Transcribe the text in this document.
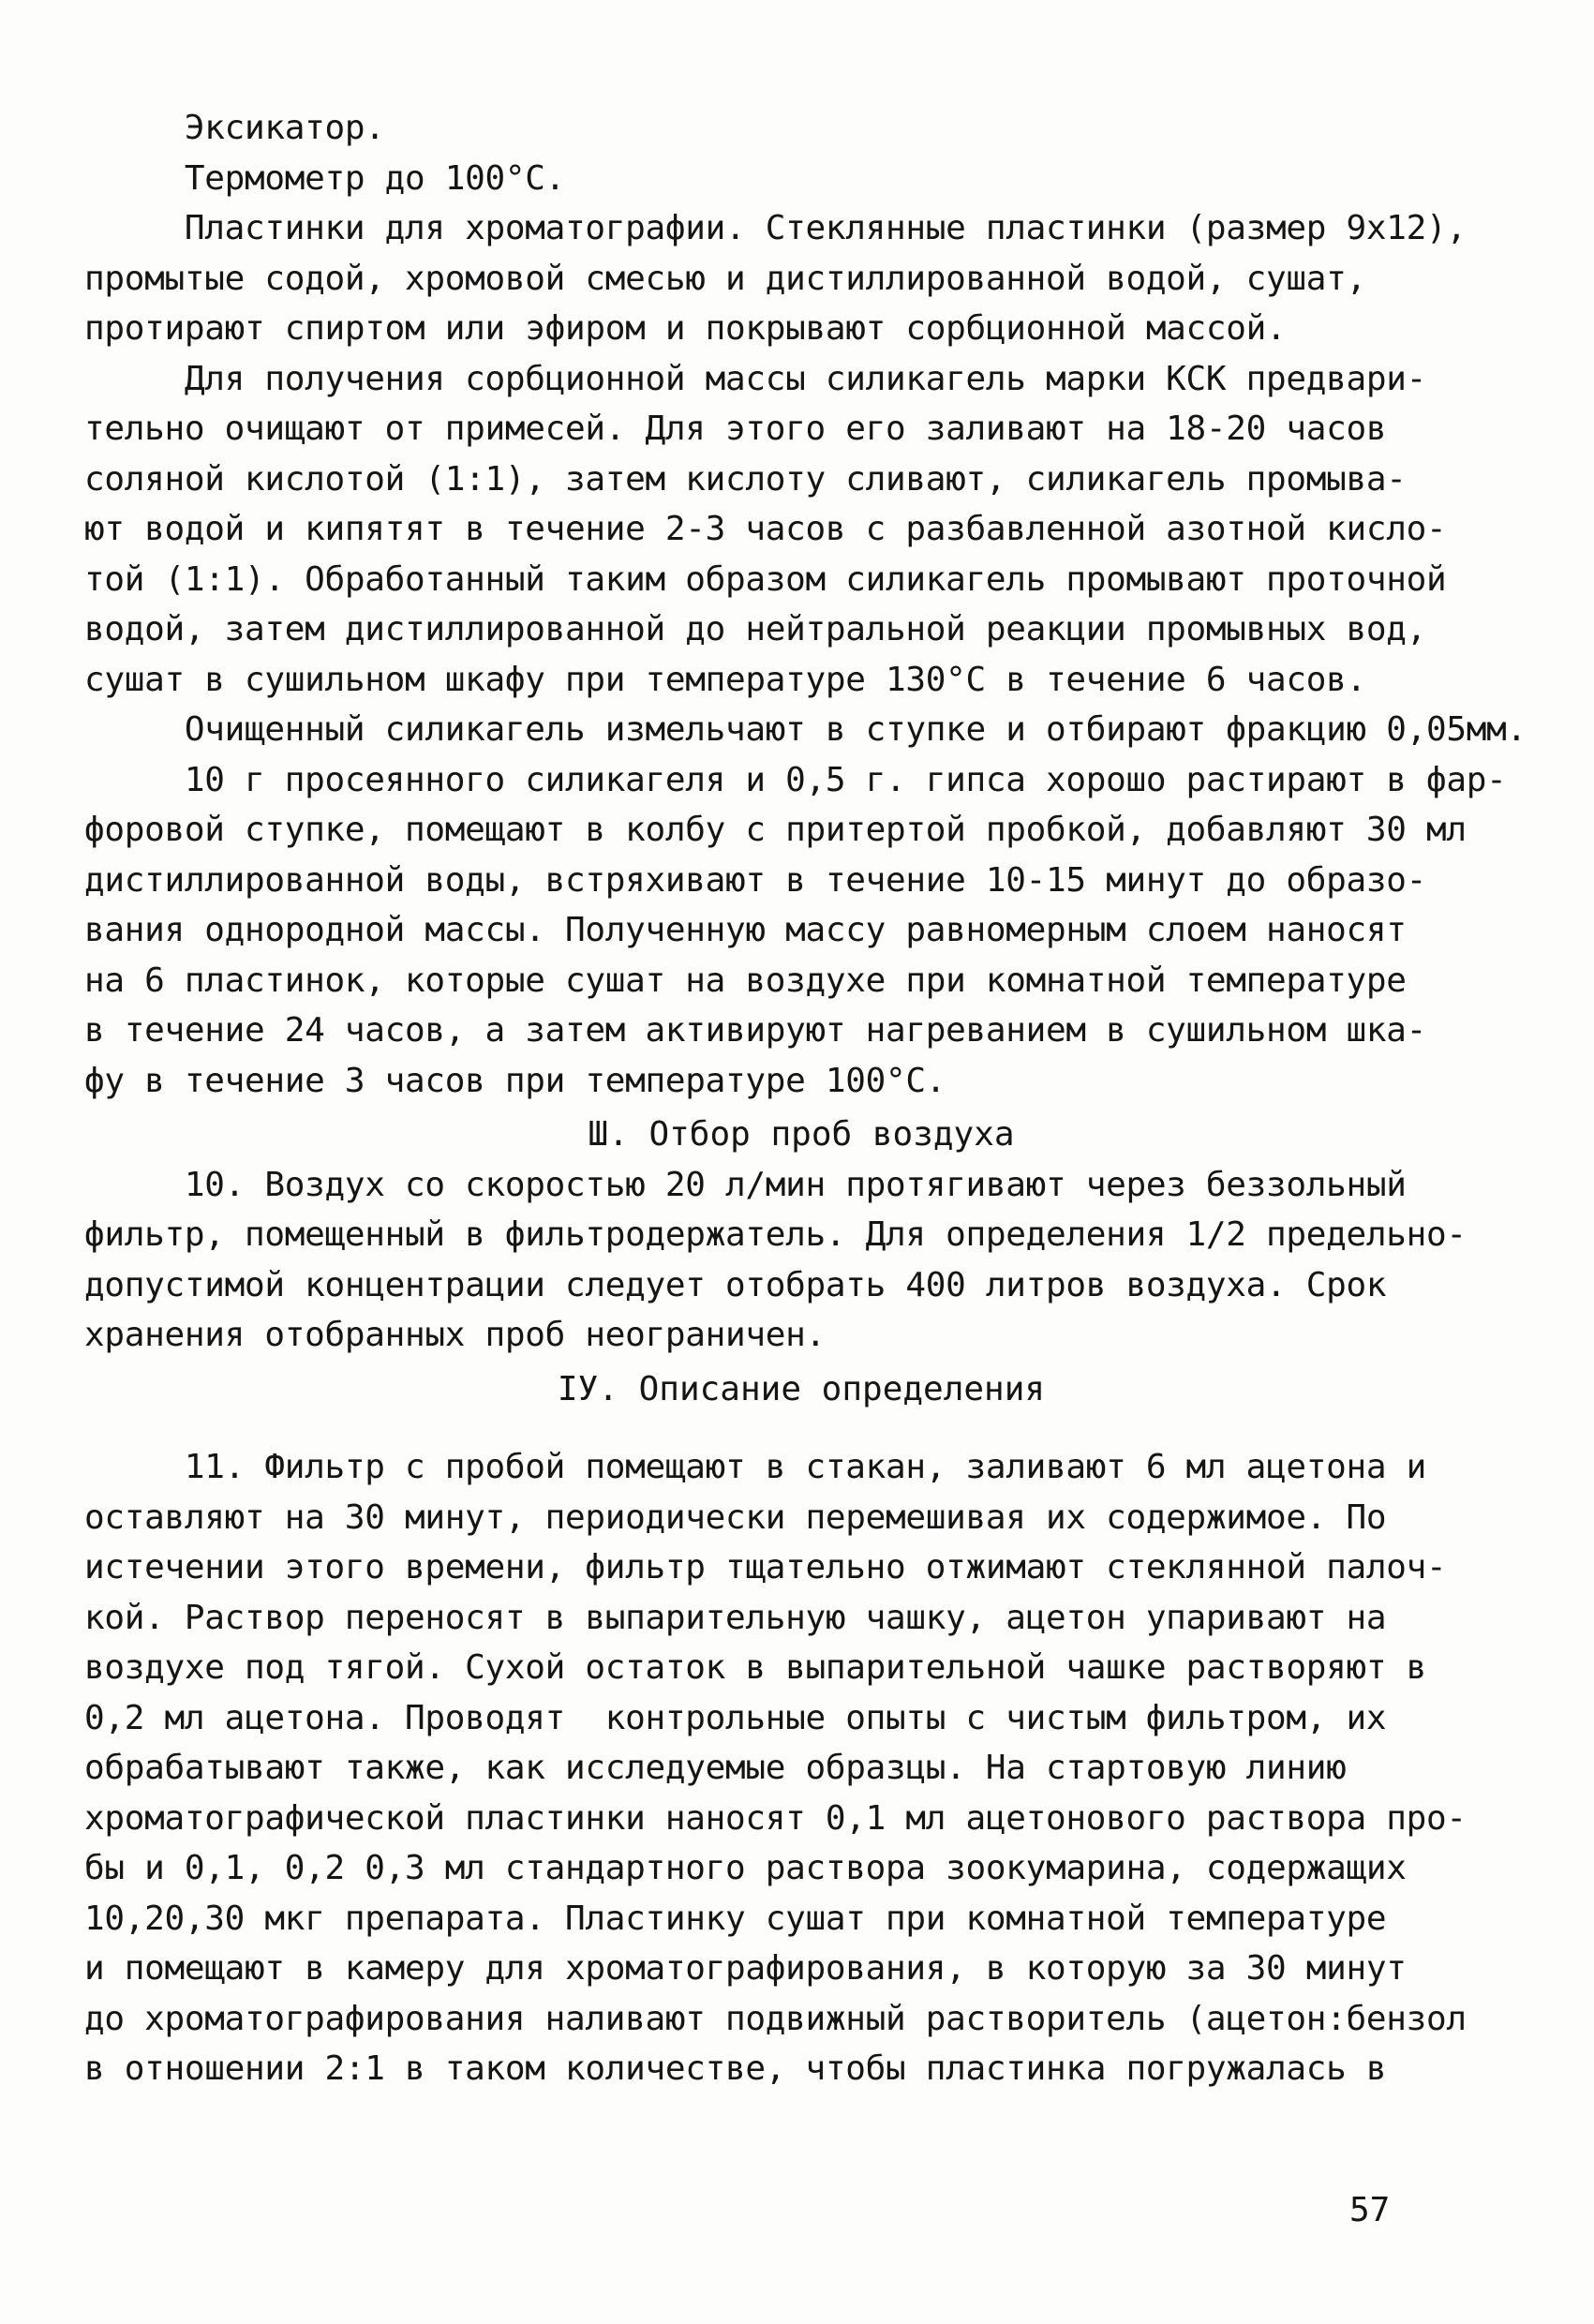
Эксикатор.
Термометр до 100°С.
Пластинки для хроматографии. Стеклянные пластинки (размер 9х12),
промытые содой, хромовой смесью и дистиллированной водой, сушат,
протирают спиртом или эфиром и покрывают сорбционной массой.
Для получения сорбционной массы силикагель марки КСК предвари-
тельно очищают от примесей. Для этого его заливают на 18-20 часов
соляной кислотой (1:1), затем кислоту сливают, силикагель промыва-
ют водой и кипятят в течение 2-3 часов с разбавленной азотной кисло-
той (1:1). Обработанный таким образом силикагель промывают проточной
водой, затем дистиллированной до нейтральной реакции промывных вод,
сушат в сушильном шкафу при температуре 130°С в течение 6 часов.
Очищенный силикагель измельчают в ступке и отбирают фракцию 0,05мм.
10 г просеянного силикагеля и 0,5 г. гипса хорошо растирают в фар-
форовой ступке, помещают в колбу с притертой пробкой, добавляют 30 мл
дистиллированной воды, встряхивают в течение 10-15 минут до образо-
вания однородной массы. Полученную массу равномерным слоем наносят
на 6 пластинок, которые сушат на воздухе при комнатной температуре
в течение 24 часов, а затем активируют нагреванием в сушильном шка-
фу в течение 3 часов при температуре 100°С.
Ш. Отбор проб воздуха
10. Воздух со скоростью 20 л/мин протягивают через беззольный
фильтр, помещенный в фильтродержатель. Для определения 1/2 предельно-
допустимой концентрации следует отобрать 400 литров воздуха. Срок
хранения отобранных проб неограничен.
IУ. Описание определения
11. Фильтр с пробой помещают в стакан, заливают 6 мл ацетона и
оставляют на 30 минут, периодически перемешивая их содержимое. По
истечении этого времени, фильтр тщательно отжимают стеклянной палоч-
кой. Раствор переносят в выпарительную чашку, ацетон упаривают на
воздухе под тягой. Сухой остаток в выпарительной чашке растворяют в
0,2 мл ацетона. Проводят  контрольные опыты с чистым фильтром, их
обрабатывают также, как исследуемые образцы. На стартовую линию
хроматографической пластинки наносят 0,1 мл ацетонового раствора про-
бы и 0,1, 0,2 0,3 мл стандартного раствора зоокумарина, содержащих
10,20,30 мкг препарата. Пластинку сушат при комнатной температуре
и помещают в камеру для хроматографирования, в которую за 30 минут
до хроматографирования наливают подвижный растворитель (ацетон:бензол
в отношении 2:1 в таком количестве, чтобы пластинка погружалась в
57
